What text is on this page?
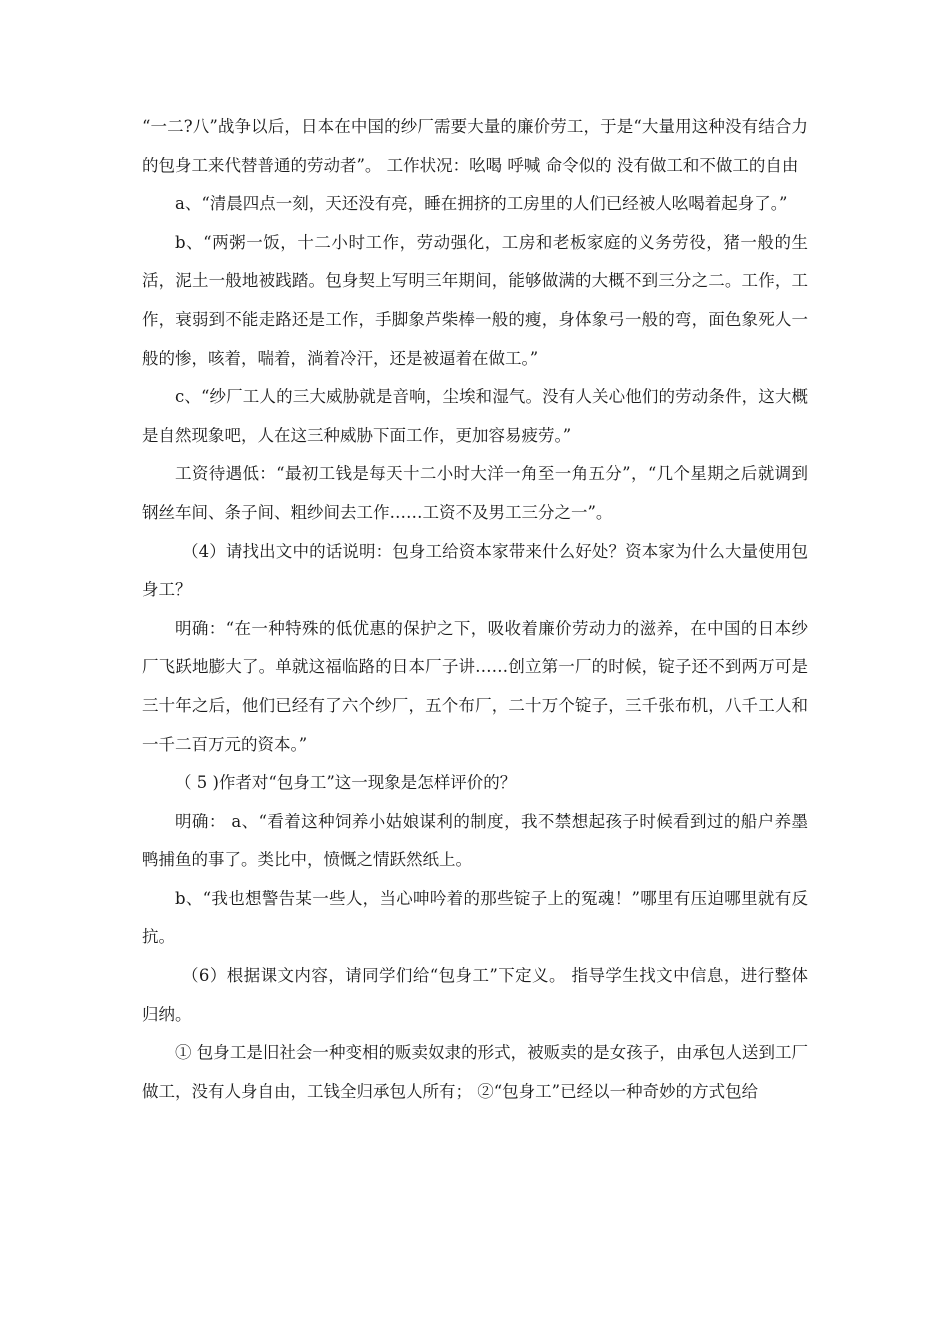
“一二?八”战争以后，日本在中国的纱厂需要大量的廉价劳工，于是“大量用这种没有结合力的包身工来代替普通的劳动者”。 工作状况：吆喝 呼喊 命令似的 没有做工和不做工的自由

a、“清晨四点一刻，天还没有亮，睡在拥挤的工房里的人们已经被人吆喝着起身了。”

b、“两粥一饭，十二小时工作，劳动强化，工房和老板家庭的义务劳役，猪一般的生活，泥土一般地被践踏。包身契上写明三年期间，能够做满的大概不到三分之二。工作，工作，衰弱到不能走路还是工作，手脚象芦柴棒一般的瘦，身体象弓一般的弯，面色象死人一般的惨，咳着，喘着，淌着冷汗，还是被逼着在做工。”

c、“纱厂工人的三大威胁就是音响，尘埃和湿气。没有人关心他们的劳动条件，这大概是自然现象吧，人在这三种威胁下面工作，更加容易疲劳。”

工资待遇低：“最初工钱是每天十二小时大洋一角至一角五分”，“几个星期之后就调到钢丝车间、条子间、粗纱间去工作……工资不及男工三分之一”。

（4）请找出文中的话说明：包身工给资本家带来什么好处？资本家为什么大量使用包身工？

明确：“在一种特殊的低优惠的保护之下，吸收着廉价劳动力的滋养，在中国的日本纱厂飞跃地膨大了。单就这福临路的日本厂子讲……创立第一厂的时候，锭子还不到两万可是三十年之后，他们已经有了六个纱厂，五个布厂，二十万个锭子，三千张布机，八千工人和一千二百万元的资本。”

（ 5 )作者对“包身工”这一现象是怎样评价的？

明确： a、“看着这种饲养小姑娘谋利的制度，我不禁想起孩子时候看到过的船户养墨鸭捕鱼的事了。类比中，愤慨之情跃然纸上。

b、“我也想警告某一些人，当心呻吟着的那些锭子上的冤魂！”哪里有压迫哪里就有反抗。

（6）根据课文内容，请同学们给“包身工”下定义。 指导学生找文中信息，进行整体归纳。

① 包身工是旧社会一种变相的贩卖奴隶的形式，被贩卖的是女孩子，由承包人送到工厂做工，没有人身自由，工钱全归承包人所有； ②“包身工”已经以一种奇妙的方式包给
